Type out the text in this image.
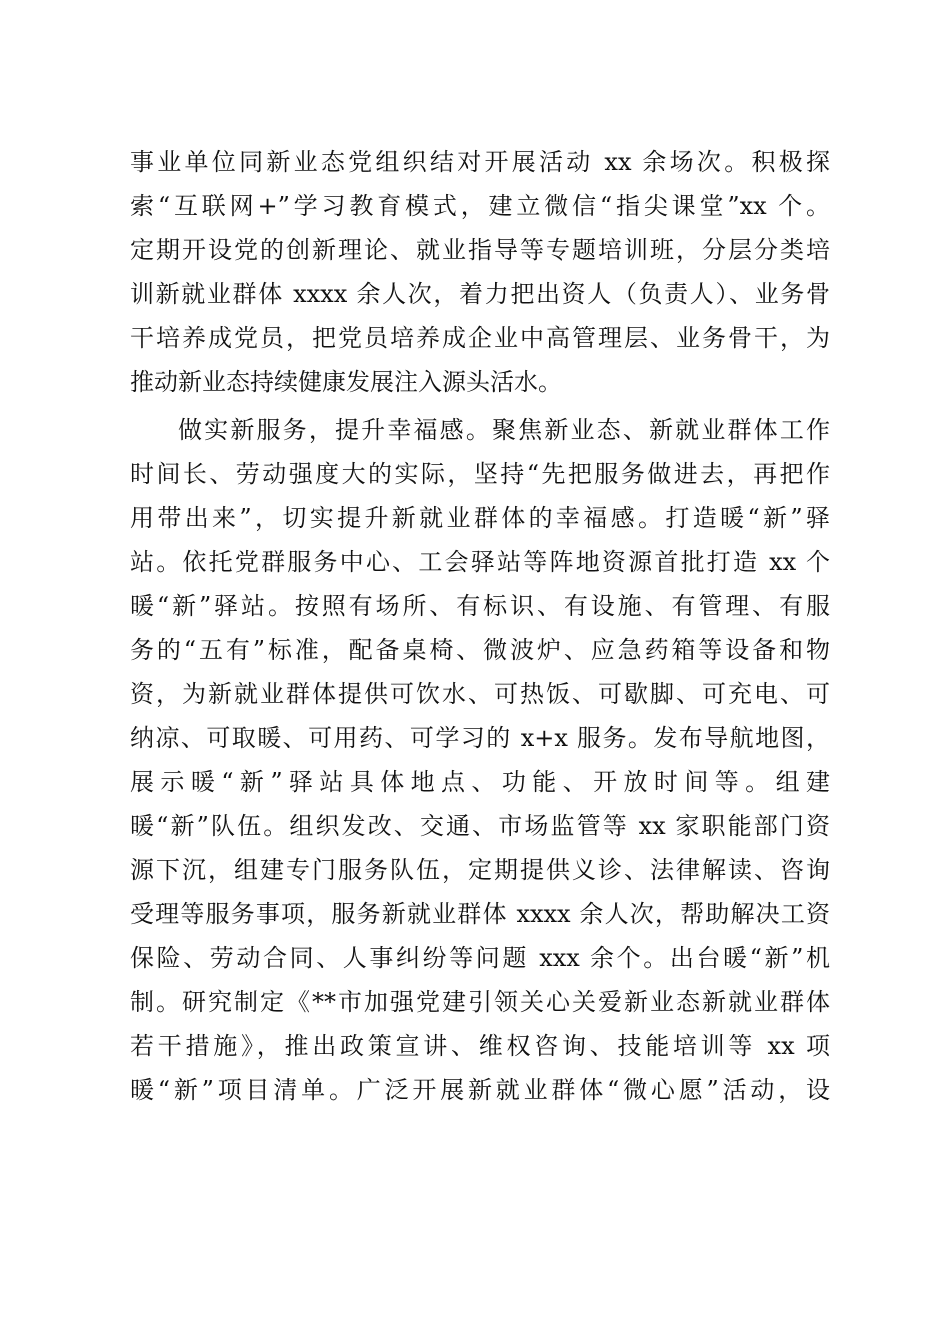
事业单位同新业态党组织结对开展活动 xx 余场次。积极探
索“互联网+”学习教育模式，建立微信“指尖课堂”xx 个。
定期开设党的创新理论、就业指导等专题培训班，分层分类培
训新就业群体 xxxx 余人次，着力把出资人（负责人）、业务骨
干培养成党员，把党员培养成企业中高管理层、业务骨干，为
推动新业态持续健康发展注入源头活水。
做实新服务，提升幸福感。聚焦新业态、新就业群体工作
时间长、劳动强度大的实际，坚持“先把服务做进去，再把作
用带出来”，切实提升新就业群体的幸福感。打造暖“新”驿
站。依托党群服务中心、工会驿站等阵地资源首批打造 xx 个
暖“新”驿站。按照有场所、有标识、有设施、有管理、有服
务的“五有”标准，配备桌椅、微波炉、应急药箱等设备和物
资，为新就业群体提供可饮水、可热饭、可歇脚、可充电、可
纳凉、可取暖、可用药、可学习的 x+x 服务。发布导航地图，
展示暖“新”驿站具体地点、功能、开放时间等。组建
暖“新”队伍。组织发改、交通、市场监管等 xx 家职能部门资
源下沉，组建专门服务队伍，定期提供义诊、法律解读、咨询
受理等服务事项，服务新就业群体 xxxx 余人次，帮助解决工资
保险、劳动合同、人事纠纷等问题 xxx 余个。出台暖“新”机
制。研究制定《**市加强党建引领关心关爱新业态新就业群体
若干措施》，推出政策宣讲、维权咨询、技能培训等 xx 项
暖“新”项目清单。广泛开展新就业群体“微心愿”活动，设
